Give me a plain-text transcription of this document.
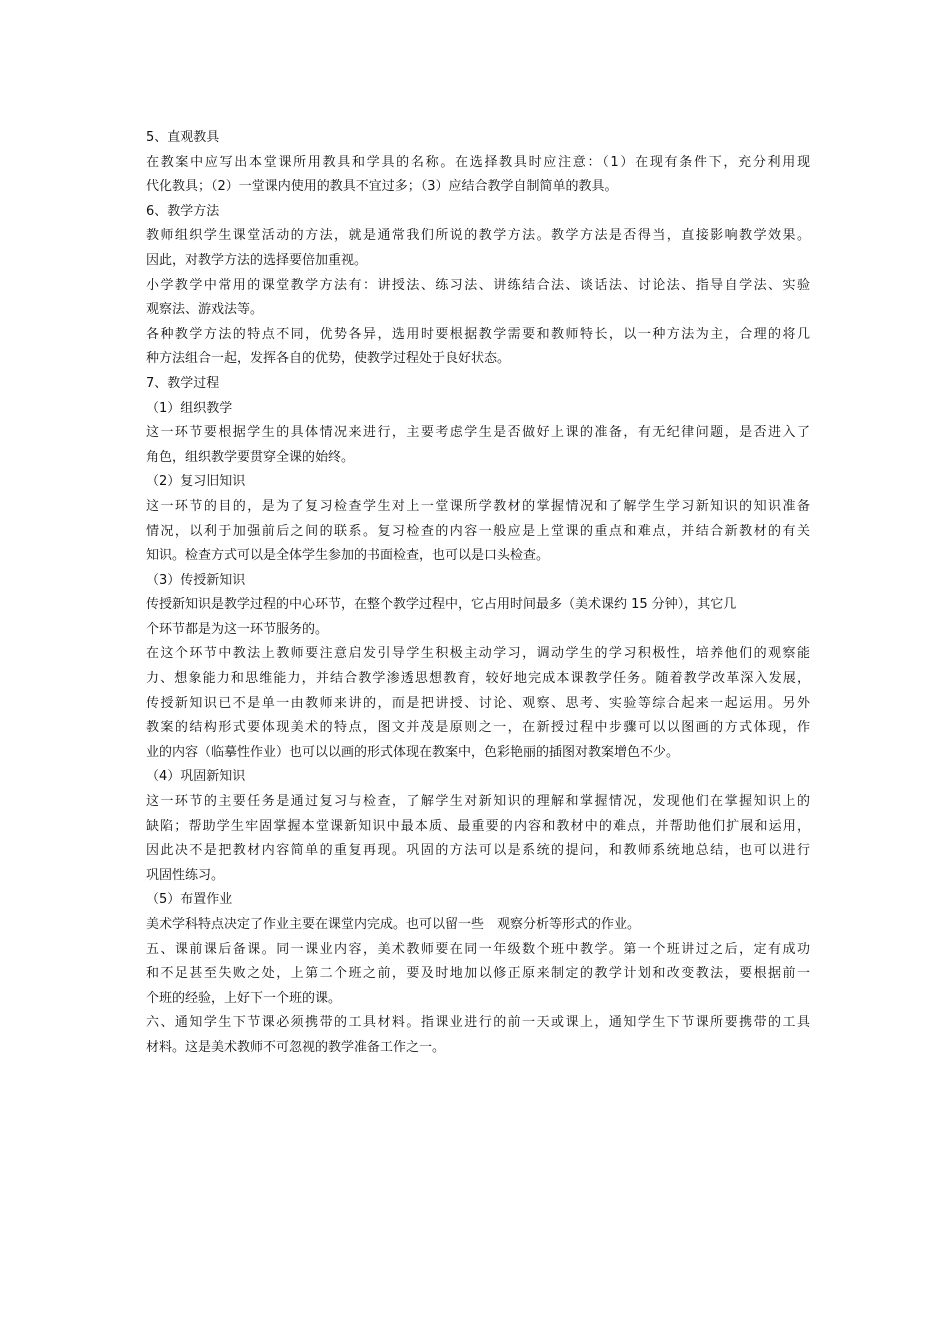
5、直观教具
在教案中应写出本堂课所用教具和学具的名称。在选择教具时应注意：（1）在现有条件下，充分利用现
代化教具；（2）一堂课内使用的教具不宜过多；（3）应结合教学自制简单的教具。
6、教学方法
教师组织学生课堂活动的方法，就是通常我们所说的教学方法。教学方法是否得当，直接影响教学效果。
因此，对教学方法的选择要倍加重视。
小学教学中常用的课堂教学方法有：讲授法、练习法、讲练结合法、谈话法、讨论法、指导自学法、实验
观察法、游戏法等。
各种教学方法的特点不同，优势各异，选用时要根据教学需要和教师特长，以一种方法为主，合理的将几
种方法组合一起，发挥各自的优势，使教学过程处于良好状态。
7、教学过程
（1）组织教学
这一环节要根据学生的具体情况来进行，主要考虑学生是否做好上课的准备，有无纪律问题，是否进入了
角色，组织教学要贯穿全课的始终。
（2）复习旧知识
这一环节的目的，是为了复习检查学生对上一堂课所学教材的掌握情况和了解学生学习新知识的知识准备
情况，以利于加强前后之间的联系。复习检查的内容一般应是上堂课的重点和难点，并结合新教材的有关
知识。检查方式可以是全体学生参加的书面检查，也可以是口头检查。
（3）传授新知识
传授新知识是教学过程的中心环节，在整个教学过程中，它占用时间最多（美术课约 15 分钟），其它几
个环节都是为这一环节服务的。
在这个环节中教法上教师要注意启发引导学生积极主动学习，调动学生的学习积极性，培养他们的观察能
力、想象能力和思维能力，并结合教学渗透思想教育，较好地完成本课教学任务。随着教学改革深入发展，
传授新知识已不是单一由教师来讲的，而是把讲授、讨论、观察、思考、实验等综合起来一起运用。另外
教案的结构形式要体现美术的特点，图文并茂是原则之一，在新授过程中步骤可以以图画的方式体现，作
业的内容（临摹性作业）也可以以画的形式体现在教案中，色彩艳丽的插图对教案增色不少。
（4）巩固新知识
这一环节的主要任务是通过复习与检查，了解学生对新知识的理解和掌握情况，发现他们在掌握知识上的
缺陷；帮助学生牢固掌握本堂课新知识中最本质、最重要的内容和教材中的难点，并帮助他们扩展和运用，
因此决不是把教材内容简单的重复再现。巩固的方法可以是系统的提问，和教师系统地总结，也可以进行
巩固性练习。
（5）布置作业
美术学科特点决定了作业主要在课堂内完成。也可以留一些　观察分析等形式的作业。
五、课前课后备课。同一课业内容，美术教师要在同一年级数个班中教学。第一个班讲过之后，定有成功
和不足甚至失败之处，上第二个班之前，要及时地加以修正原来制定的教学计划和改变教法，要根据前一
个班的经验，上好下一个班的课。
六、通知学生下节课必须携带的工具材料。指课业进行的前一天或课上，通知学生下节课所要携带的工具
材料。这是美术教师不可忽视的教学准备工作之一。
